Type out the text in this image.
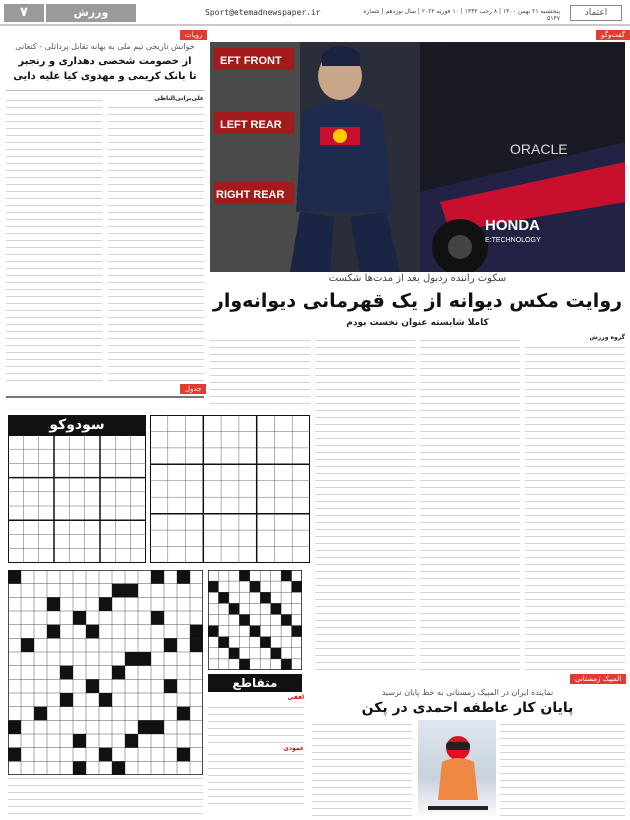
۷	ورزش	Sport@etemadnewspaper.ir	پنجشنبه ۲۱ بهمن ۱۴۰۰ | ۸ رجب ۱۴۴۳ | ۱۰ فوریه ۲۰۲۲ | سال نوزدهم | شماره ۵۱۴۷
اعتماد
رویات
خوانش تاریخی تیم ملی به بهانه تقابل پرداتلی - کنعانی
از خصومت شخصی دهداری و رنجبر
تا بانک کریمی و مهدوی کیا علیه دایی
علی‌برانی‌الناظی
گفت‌وگو
EFT FRONT
LEFT REAR
RIGHT REAR
HONDA
E:TECHNOLOGY
ORACLE
سکوت راننده ردبول بعد از مدت‌ها شکست
روایت مکس دیوانه از یک قهرمانی دیوانه‌وار
کاملا شایسته عنوان نخست بودم
گروه ورزش
جدول
سودوکو
متقاطع
افقی
عمودی
المپیک زمستانی
نماینده ایران در المپیک زمستانی به خط پایان نرسید
پایان کار عاطفه احمدی در پکن
